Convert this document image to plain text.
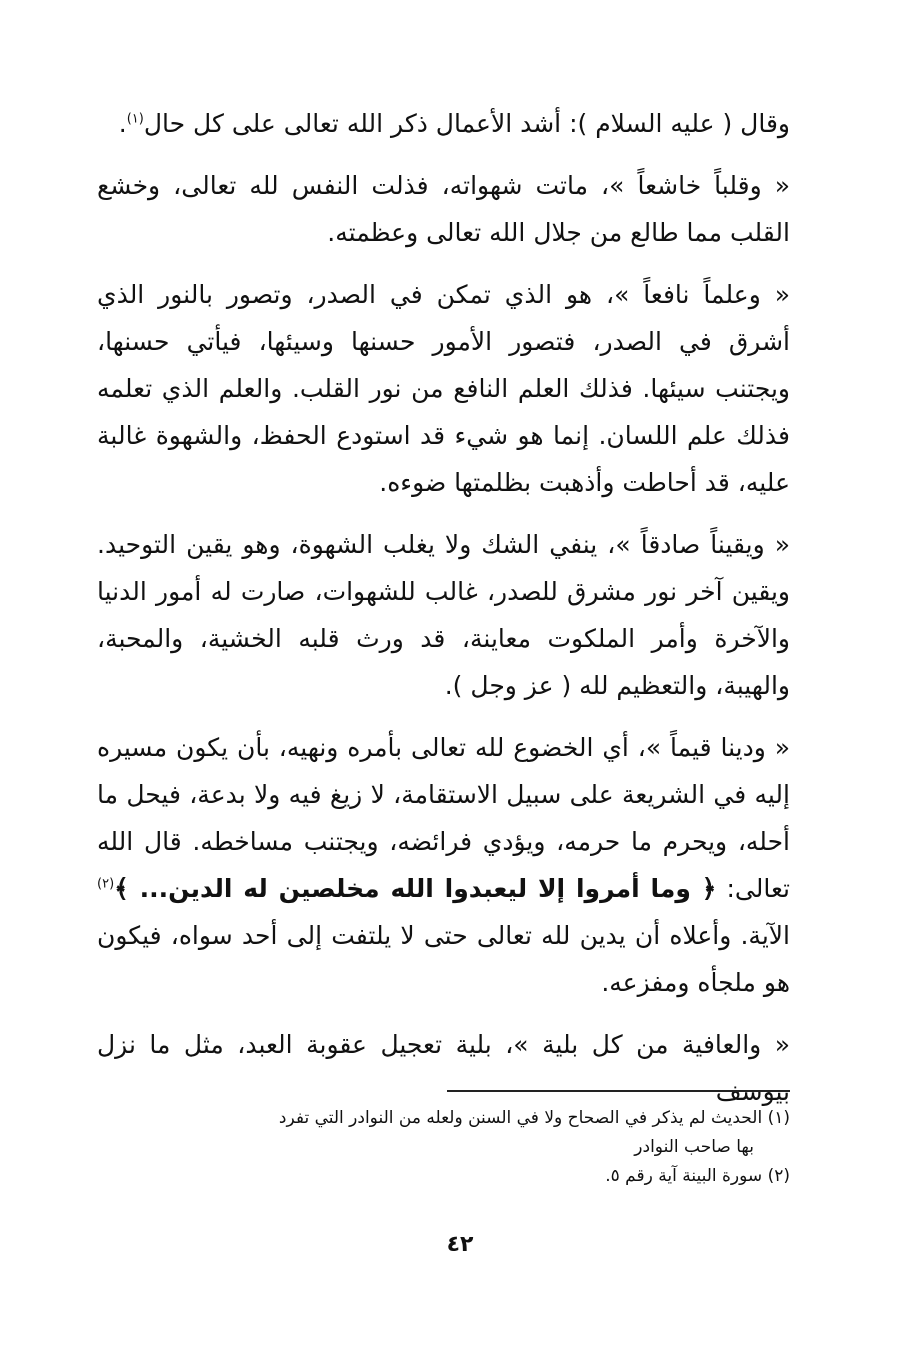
وقال ( عليه السلام ): أشد الأعمال ذكر الله تعالى على كل حال$^{(١)}$.

« وقلباً خاشعاً »، ماتت شهواته، فذلت النفس لله تعالى، وخشع القلب مما طالع من جلال الله تعالى وعظمته.

« وعلماً نافعاً »، هو الذي تمكن في الصدر، وتصور بالنور الذي أشرق في الصدر، فتصور الأمور حسنها وسيئها، فيأتي حسنها، ويجتنب سيئها. فذلك العلم النافع من نور القلب. والعلم الذي تعلمه فذلك علم اللسان. إنما هو شيء قد استودع الحفظ، والشهوة غالبة عليه، قد أحاطت وأذهبت بظلمتها ضوءه.

« ويقيناً صادقاً »، ينفي الشك ولا يغلب الشهوة، وهو يقين التوحيد. ويقين آخر نور مشرق للصدر، غالب للشهوات، صارت له أمور الدنيا والآخرة وأمر الملكوت معاينة، قد ورث قلبه الخشية، والمحبة، والهيبة، والتعظيم لله ( عز وجل ).

« ودينا قيماً »، أي الخضوع لله تعالى بأمره ونهيه، بأن يكون مسيره إليه في الشريعة على سبيل الاستقامة، لا زيغ فيه ولا بدعة، فيحل ما أحله، ويحرم ما حرمه، ويؤدي فرائضه، ويجتنب مساخطه. قال الله تعالى: ﴿ وما أمروا إلا ليعبدوا الله مخلصين له الدين... ﴾$^{(٢)}$ الآية. وأعلاه أن يدين لله تعالى حتى لا يلتفت إلى أحد سواه، فيكون هو ملجأه ومفزعه.

« والعافية من كل بلية »، بلية تعجيل عقوبة العبد، مثل ما نزل بيوسف

(١) الحديث لم يذكر في الصحاح ولا في السنن ولعله من النوادر التي تفرد
بها صاحب النوادر

(٢) سورة البينة آية رقم ٥.

٤٢
